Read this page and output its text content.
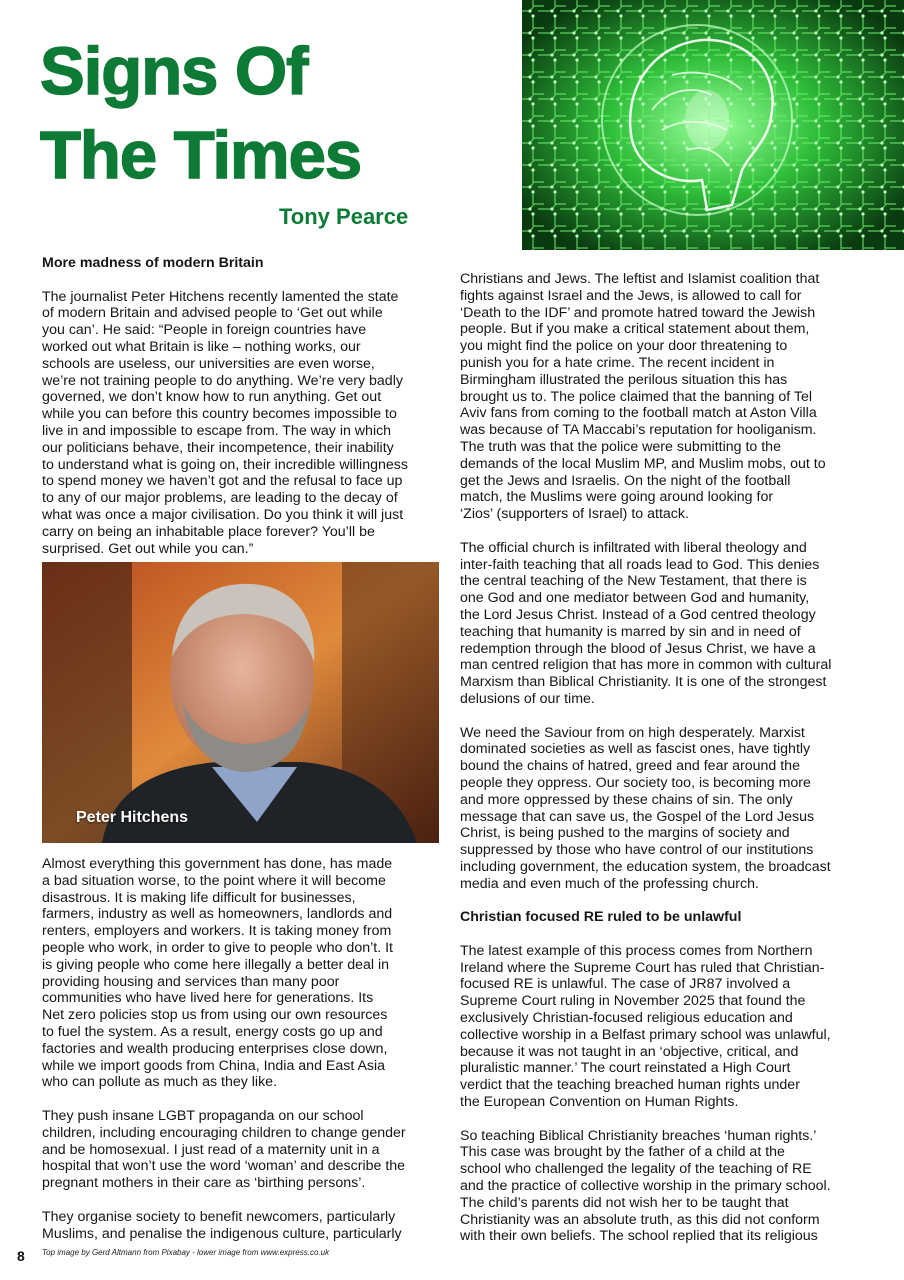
Signs Of
The Times
Tony Pearce
More madness of modern Britain

The journalist Peter Hitchens recently lamented the state
of modern Britain and advised people to ‘Get out while
you can’. He said: “People in foreign countries have
worked out what Britain is like – nothing works, our
schools are useless, our universities are even worse,
we’re not training people to do anything. We’re very badly
governed, we don’t know how to run anything. Get out
while you can before this country becomes impossible to
live in and impossible to escape from. The way in which
our politicians behave, their incompetence, their inability
to understand what is going on, their incredible willingness
to spend money we haven’t got and the refusal to face up
to any of our major problems, are leading to the decay of
what was once a major civilisation. Do you think it will just
carry on being an inhabitable place forever? You’ll be
surprised. Get out while you can.”

Peter Hitchens

Almost everything this government has done, has made
a bad situation worse, to the point where it will become
disastrous. It is making life difficult for businesses,
farmers, industry as well as homeowners, landlords and
renters, employers and workers. It is taking money from
people who work, in order to give to people who don’t. It
is giving people who come here illegally a better deal in
providing housing and services than many poor
communities who have lived here for generations. Its
Net zero policies stop us from using our own resources
to fuel the system. As a result, energy costs go up and
factories and wealth producing enterprises close down,
while we import goods from China, India and East Asia
who can pollute as much as they like.

They push insane LGBT propaganda on our school
children, including encouraging children to change gender
and be homosexual. I just read of a maternity unit in a
hospital that won’t use the word ‘woman’ and describe the
pregnant mothers in their care as ‘birthing persons’.

They organise society to benefit newcomers, particularly
Muslims, and penalise the indigenous culture, particularly

Christians and Jews. The leftist and Islamist coalition that
fights against Israel and the Jews, is allowed to call for
‘Death to the IDF’ and promote hatred toward the Jewish
people. But if you make a critical statement about them,
you might find the police on your door threatening to
punish you for a hate crime. The recent incident in
Birmingham illustrated the perilous situation this has
brought us to. The police claimed that the banning of Tel
Aviv fans from coming to the football match at Aston Villa
was because of TA Maccabi’s reputation for hooliganism.
The truth was that the police were submitting to the
demands of the local Muslim MP, and Muslim mobs, out to
get the Jews and Israelis. On the night of the football
match, the Muslims were going around looking for
‘Zios’ (supporters of Israel) to attack.

The official church is infiltrated with liberal theology and
inter-faith teaching that all roads lead to God. This denies
the central teaching of the New Testament, that there is
one God and one mediator between God and humanity,
the Lord Jesus Christ. Instead of a God centred theology
teaching that humanity is marred by sin and in need of
redemption through the blood of Jesus Christ, we have a
man centred religion that has more in common with cultural
Marxism than Biblical Christianity. It is one of the strongest
delusions of our time.

We need the Saviour from on high desperately. Marxist
dominated societies as well as fascist ones, have tightly
bound the chains of hatred, greed and fear around the
people they oppress. Our society too, is becoming more
and more oppressed by these chains of sin. The only
message that can save us, the Gospel of the Lord Jesus
Christ, is being pushed to the margins of society and
suppressed by those who have control of our institutions
including government, the education system, the broadcast
media and even much of the professing church.

Christian focused RE ruled to be unlawful

The latest example of this process comes from Northern
Ireland where the Supreme Court has ruled that Christian-
focused RE is unlawful. The case of JR87 involved a
Supreme Court ruling in November 2025 that found the
exclusively Christian-focused religious education and
collective worship in a Belfast primary school was unlawful,
because it was not taught in an ‘objective, critical, and
pluralistic manner.’ The court reinstated a High Court
verdict that the teaching breached human rights under
the European Convention on Human Rights.

So teaching Biblical Christianity breaches ‘human rights.’
This case was brought by the father of a child at the
school who challenged the legality of the teaching of RE
and the practice of collective worship in the primary school.
The child’s parents did not wish her to be taught that
Christianity was an absolute truth, as this did not conform
with their own beliefs. The school replied that its religious

8 Top image by Gerd Altmann from Pixabay - lower image from www.express.co.uk
